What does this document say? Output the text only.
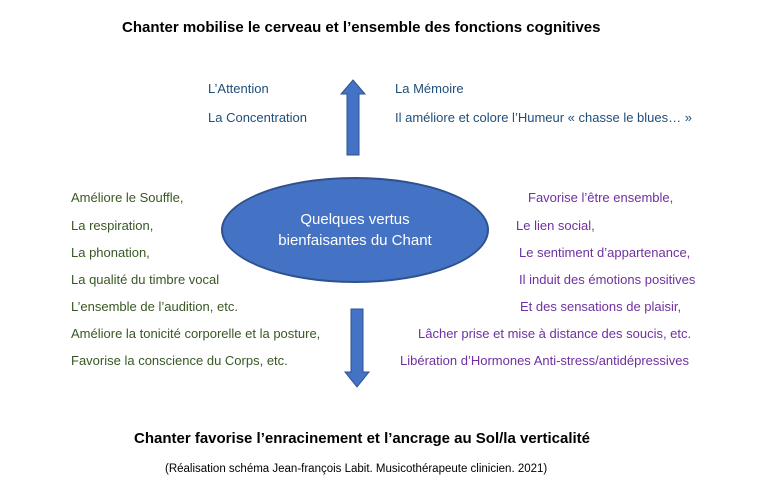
Chanter mobilise le cerveau et l’ensemble des fonctions cognitives
L’Attention
La Concentration
La Mémoire
Il améliore et colore l’Humeur « chasse le blues… »
Quelques vertus bienfaisantes du Chant
Améliore le Souffle,
La respiration,
La phonation,
La qualité du timbre vocal
L’ensemble de l’audition, etc.
Améliore la tonicité corporelle et la posture,
Favorise la conscience du Corps, etc.
Favorise l’être ensemble,
Le lien social,
Le sentiment d’appartenance,
Il induit des émotions positives
Et des sensations de plaisir,
Lâcher prise et mise à distance des soucis, etc.
Libération d’Hormones Anti-stress/antidépressives
Chanter favorise l’enracinement et l’ancrage au Sol/la verticalité
(Réalisation schéma Jean-françois Labit. Musicothérapeute clinicien. 2021)
